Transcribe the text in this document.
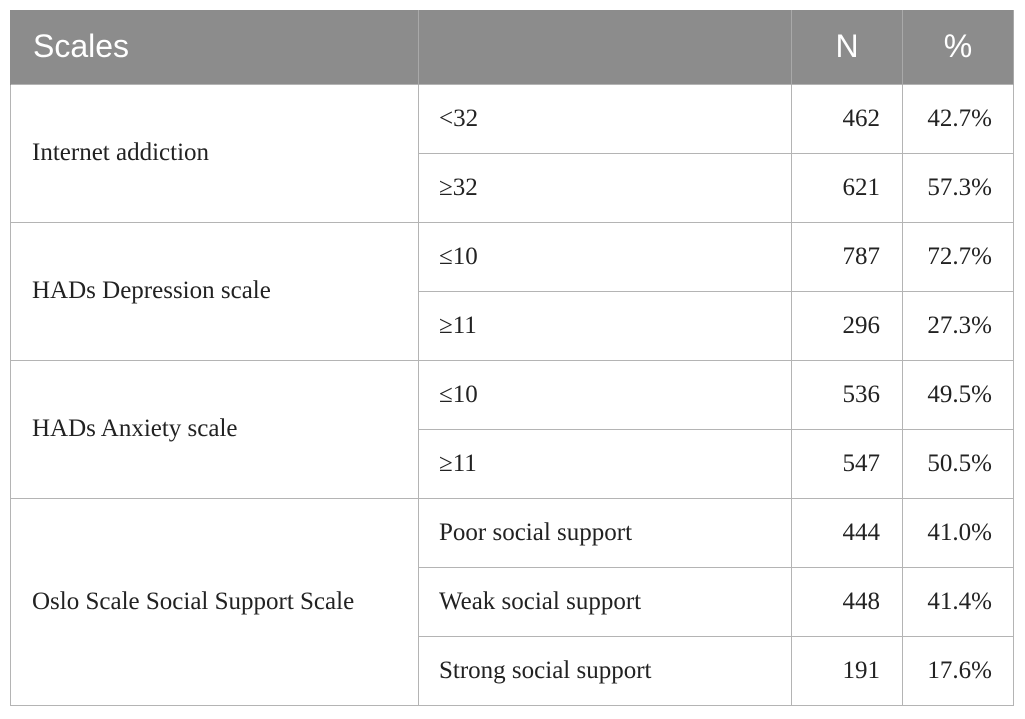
Scales		N	%
Internet addiction	<32	462	42.7%
	≥32	621	57.3%
HADs Depression scale	≤10	787	72.7%
	≥11	296	27.3%
HADs Anxiety scale	≤10	536	49.5%
	≥11	547	50.5%
Oslo Scale Social Support Scale	Poor social support	444	41.0%
	Weak social support	448	41.4%
	Strong social support	191	17.6%
